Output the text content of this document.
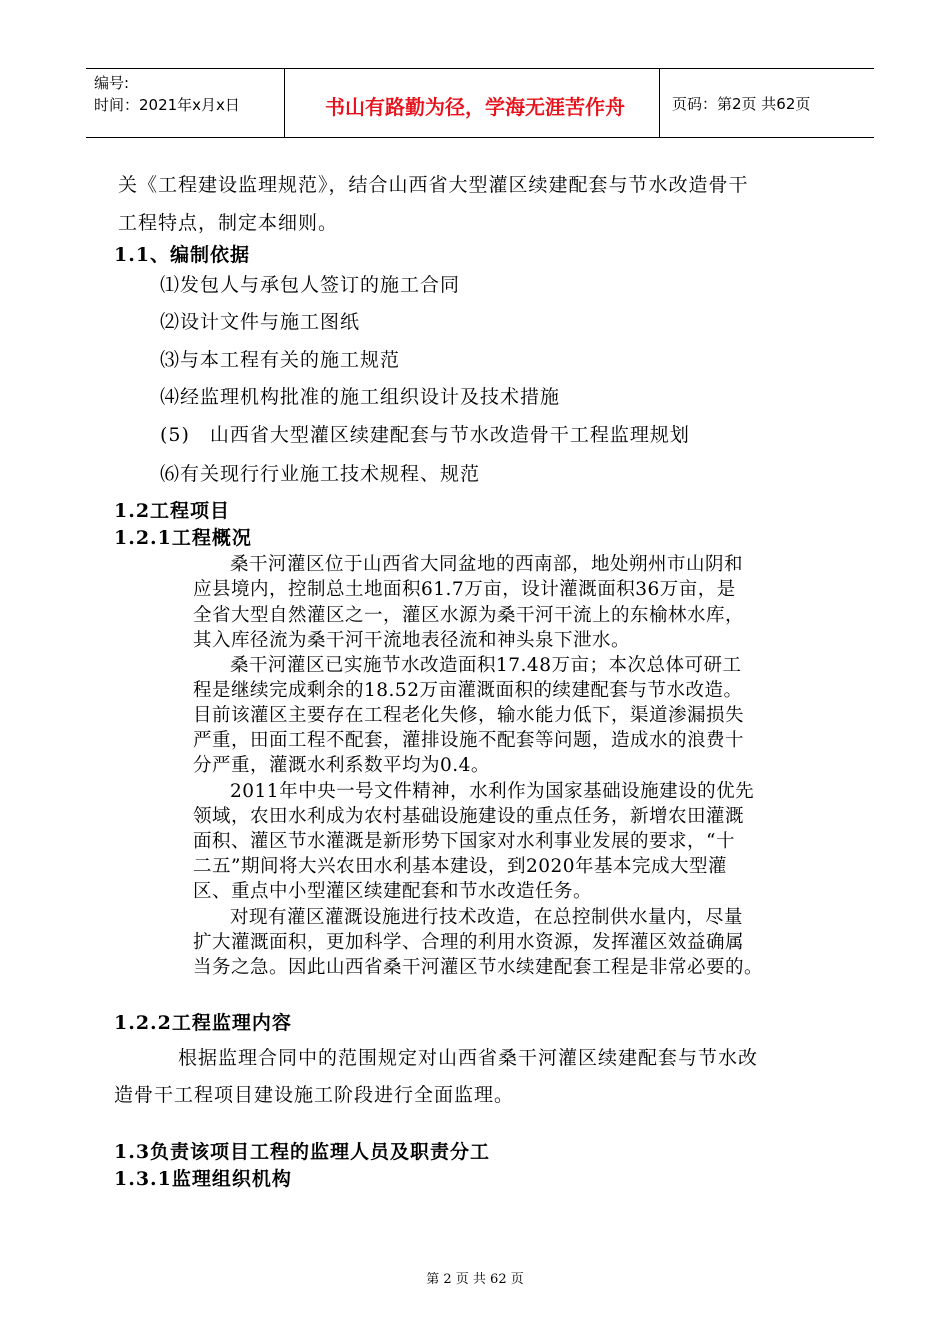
编号:
时间：2021年x月x日	书山有路勤为径，学海无涯苦作舟	页码：第2页 共62页
关《工程建设监理规范》，结合山西省大型灌区续建配套与节水改造骨干
工程特点，制定本细则。
1.1、编制依据
⑴发包人与承包人签订的施工合同
⑵设计文件与施工图纸
⑶与本工程有关的施工规范
⑷经监理机构批准的施工组织设计及技术措施
(5)　山西省大型灌区续建配套与节水改造骨干工程监理规划
⑹有关现行行业施工技术规程、规范
1.2工程项目
1.2.1工程概况
桑干河灌区位于山西省大同盆地的西南部，地处朔州市山阴和
应县境内，控制总土地面积61.7万亩，设计灌溉面积36万亩，是
全省大型自然灌区之一，灌区水源为桑干河干流上的东榆林水库，
其入库径流为桑干河干流地表径流和神头泉下泄水。
桑干河灌区已实施节水改造面积17.48万亩；本次总体可研工
程是继续完成剩余的18.52万亩灌溉面积的续建配套与节水改造。
目前该灌区主要存在工程老化失修，输水能力低下，渠道渗漏损失
严重，田面工程不配套，灌排设施不配套等问题，造成水的浪费十
分严重，灌溉水利系数平均为0.4。
2011年中央一号文件精神，水利作为国家基础设施建设的优先
领域，农田水利成为农村基础设施建设的重点任务，新增农田灌溉
面积、灌区节水灌溉是新形势下国家对水利事业发展的要求，“十
二五”期间将大兴农田水利基本建设，到2020年基本完成大型灌
区、重点中小型灌区续建配套和节水改造任务。
对现有灌区灌溉设施进行技术改造，在总控制供水量内，尽量
扩大灌溉面积，更加科学、合理的利用水资源，发挥灌区效益确属
当务之急。因此山西省桑干河灌区节水续建配套工程是非常必要的。
1.2.2工程监理内容
根据监理合同中的范围规定对山西省桑干河灌区续建配套与节水改
造骨干工程项目建设施工阶段进行全面监理。
1.3负责该项目工程的监理人员及职责分工
1.3.1监理组织机构
第 2 页 共 62 页
